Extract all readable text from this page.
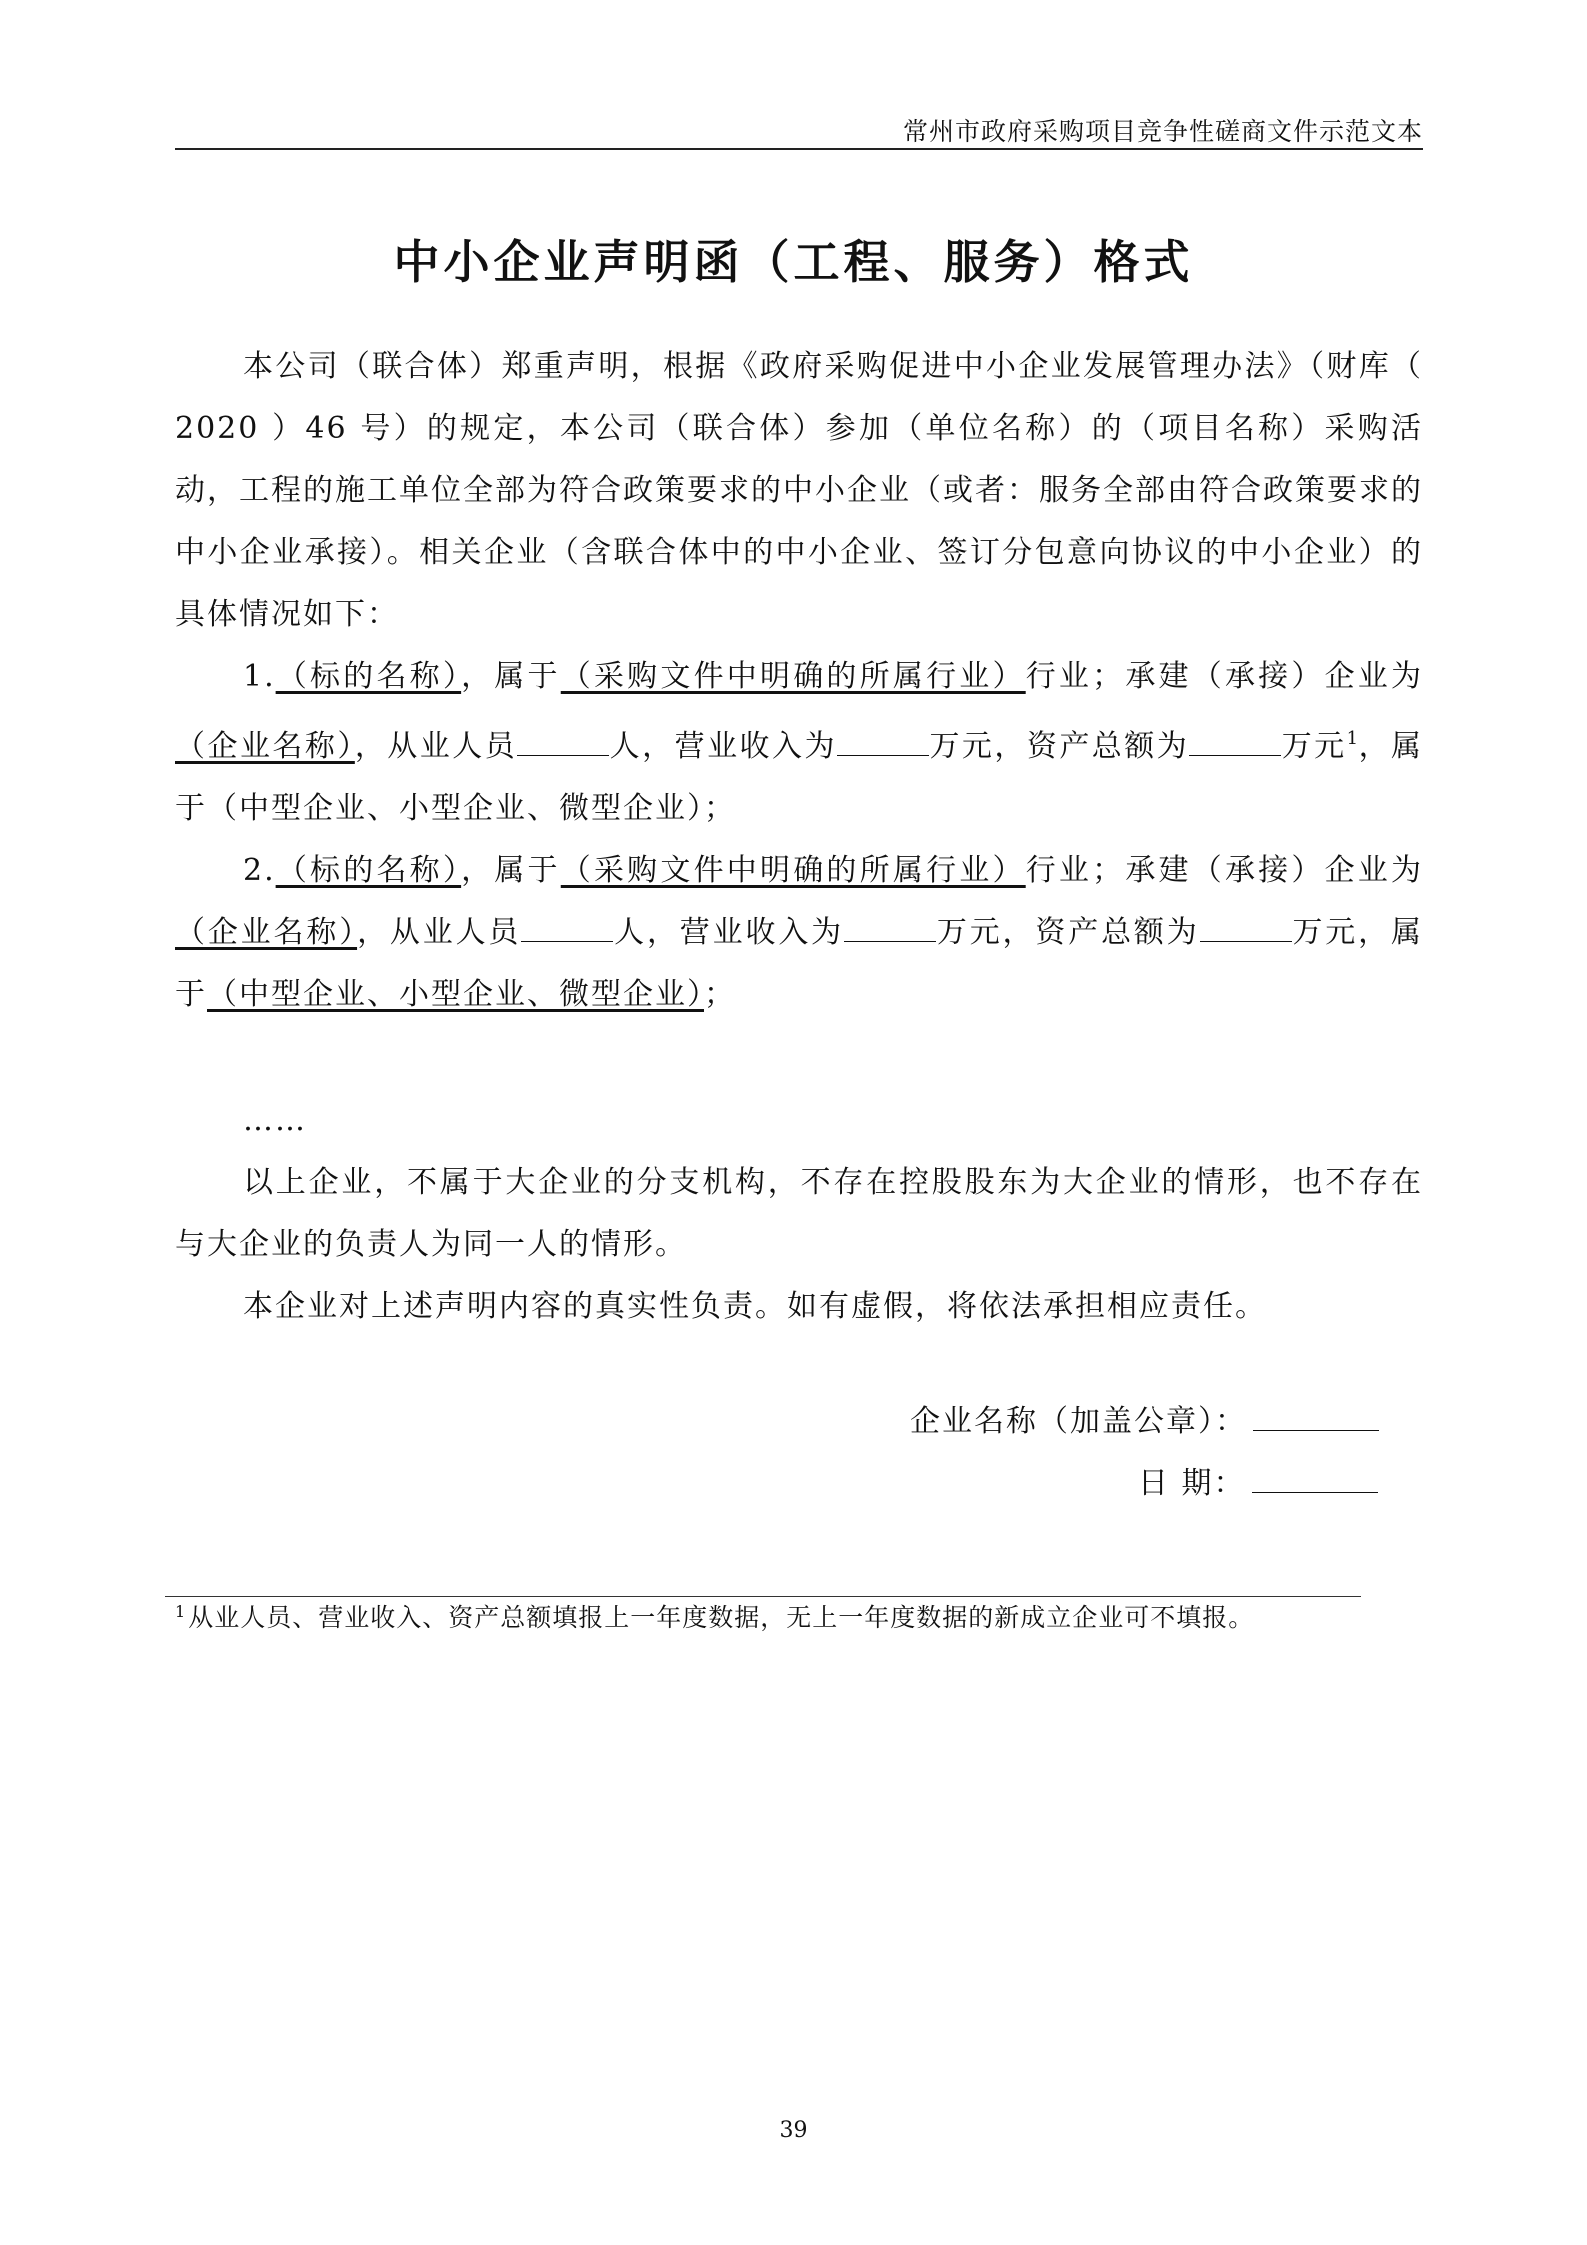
常州市政府采购项目竞争性磋商文件示范文本
中小企业声明函（工程、服务）格式

本公司（联合体）郑重声明，根据《政府采购促进中小企业发展管理办法》（财库（ 2020 ）46 号）的规定，本公司（联合体）参加（单位名称）的（项目名称）采购活动，工程的施工单位全部为符合政策要求的中小企业（或者：服务全部由符合政策要求的中小企业承接）。相关企业（含联合体中的中小企业、签订分包意向协议的中小企业）的具体情况如下：

1.（标的名称），属于（采购文件中明确的所属行业）行业；承建（承接）企业为（企业名称），从业人员	人，营业收入为	万元，资产总额为	万元$^1$，属于（中型企业、小型企业、微型企业）；

2.（标的名称），属于（采购文件中明确的所属行业）行业；承建（承接）企业为（企业名称），从业人员	人，营业收入为	万元，资产总额为	万元，属于（中型企业、小型企业、微型企业）；

……

以上企业，不属于大企业的分支机构，不存在控股股东为大企业的情形，也不存在与大企业的负责人为同一人的情形。

本企业对上述声明内容的真实性负责。如有虚假，将依法承担相应责任。

企业名称（加盖公章）：
日 期：
$^1$从业人员、营业收入、资产总额填报上一年度数据，无上一年度数据的新成立企业可不填报。
39
